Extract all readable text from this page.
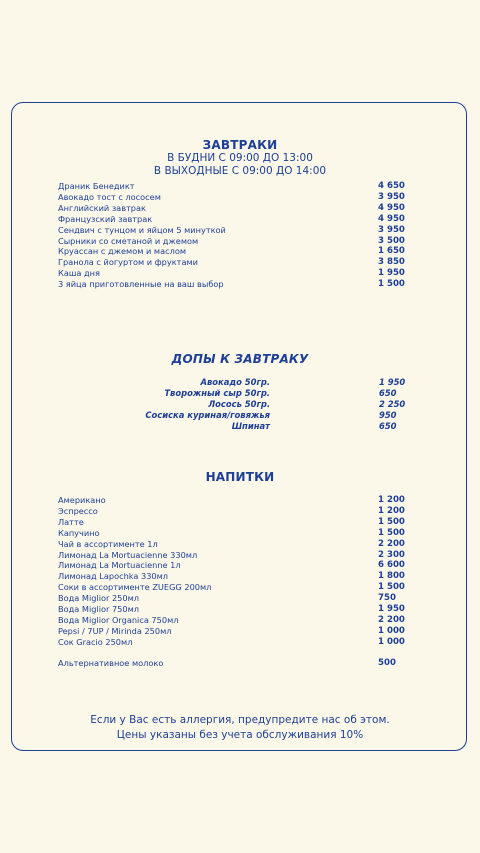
ЗАВТРАКИ
В БУДНИ С 09:00 ДО 13:00
В ВЫХОДНЫЕ С 09:00 ДО 14:00
Драник Бенедикт	4 650
Авокадо тост с лососем	3 950
Английский завтрак	4 950
Французский завтрак	4 950
Сендвич с тунцом и яйцом 5 минуткой	3 950
Сырники со сметаной и джемом	3 500
Круассан с джемом и маслом	1 650
Гранола с йогуртом и фруктами	3 850
Каша дня	1 950
3 яйца приготовленные на ваш выбор	1 500
ДОПЫ К ЗАВТРАКУ
Авокадо 50гр.	1 950
Творожный сыр 50гр.	650
Лосось 50гр.	2 250
Сосиска куриная/говяжья	950
Шпинат	650
НАПИТКИ
Американо	1 200
Эспрессо	1 200
Латте	1 500
Капучино	1 500
Чай в ассортименте 1л	2 200
Лимонад La Mortuacienne 330мл	2 300
Лимонад La Mortuacienne 1л	6 600
Лимонад Lapochka 330мл	1 800
Соки в ассортименте ZUEGG 200мл	1 500
Вода Miglior 250мл	750
Вода Miglior 750мл	1 950
Вода Miglior Organica 750мл	2 200
Pepsi / 7UP / Mirinda 250мл	1 000
Сок Gracio 250мл	1 000
Альтернативное молоко	500
Если у Вас есть аллергия, предупредите нас об этом.
Цены указаны без учета обслуживания 10%
